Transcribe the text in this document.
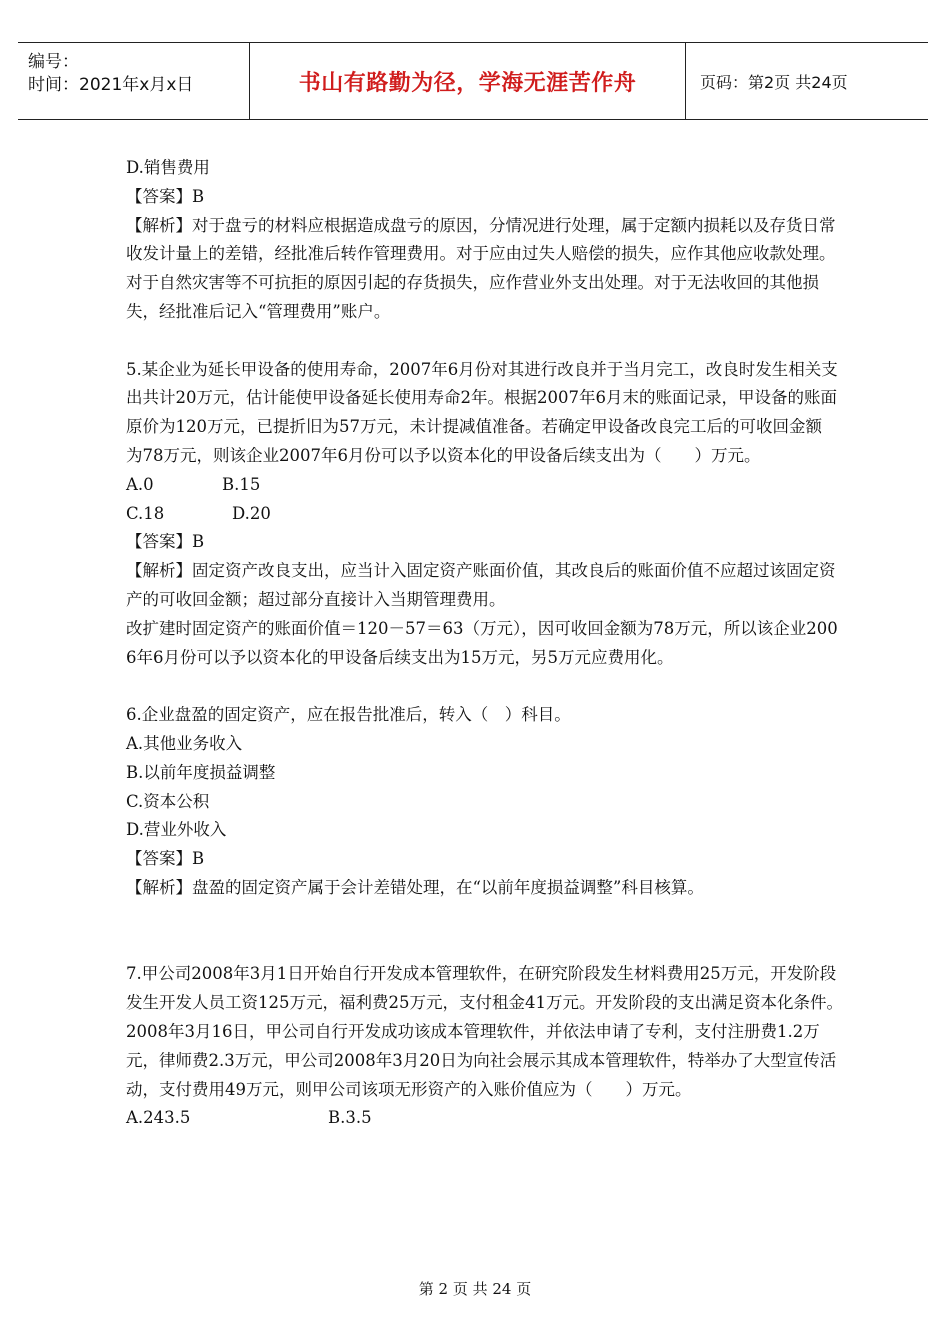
编号：
时间：2021年x月x日	书山有路勤为径，学海无涯苦作舟	页码：第2页 共24页

D.销售费用

【答案】B

【解析】对于盘亏的材料应根据造成盘亏的原因，分情况进行处理，属于定额内损耗以及存货日常收发计量上的差错，经批准后转作管理费用。对于应由过失人赔偿的损失，应作其他应收款处理。对于自然灾害等不可抗拒的原因引起的存货损失，应作营业外支出处理。对于无法收回的其他损失，经批准后记入“管理费用”账户。

5.某企业为延长甲设备的使用寿命，2007年6月份对其进行改良并于当月完工，改良时发生相关支出共计20万元，估计能使甲设备延长使用寿命2年。根据2007年6月末的账面记录，甲设备的账面原价为120万元，已提折旧为57万元，未计提减值准备。若确定甲设备改良完工后的可收回金额为78万元，则该企业2007年6月份可以予以资本化的甲设备后续支出为（　　）万元。

A.0	B.15
C.18	D.20

【答案】B

【解析】固定资产改良支出，应当计入固定资产账面价值，其改良后的账面价值不应超过该固定资产的可收回金额；超过部分直接计入当期管理费用。

改扩建时固定资产的账面价值＝120－57＝63（万元），因可收回金额为78万元，所以该企业2006年6月份可以予以资本化的甲设备后续支出为15万元，另5万元应费用化。

6.企业盘盈的固定资产，应在报告批准后，转入（　）科目。

A.其他业务收入

B.以前年度损益调整

C.资本公积

D.营业外收入

【答案】B

【解析】盘盈的固定资产属于会计差错处理，在“以前年度损益调整”科目核算。

7.甲公司2008年3月1日开始自行开发成本管理软件，在研究阶段发生材料费用25万元，开发阶段发生开发人员工资125万元，福利费25万元，支付租金41万元。开发阶段的支出满足资本化条件。　2008年3月16日，甲公司自行开发成功该成本管理软件，并依法申请了专利，支付注册费1.2万元，律师费2.3万元，甲公司2008年3月20日为向社会展示其成本管理软件，特举办了大型宣传活动，支付费用49万元，则甲公司该项无形资产的入账价值应为（　　）万元。

A.243.5	B.3.5
第 2 页 共 24 页
